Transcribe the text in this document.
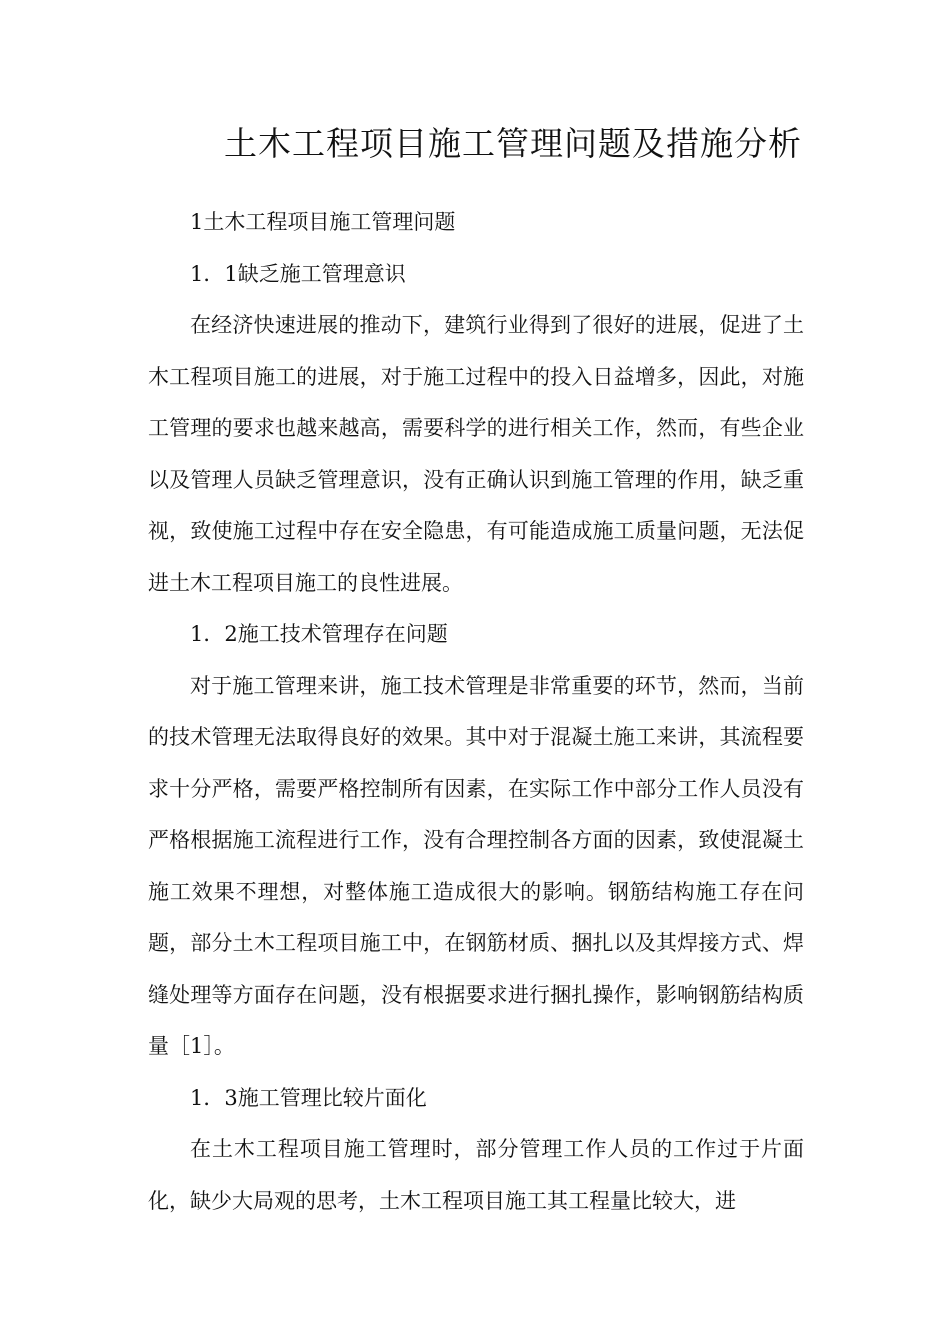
土木工程项目施工管理问题及措施分析
1土木工程项目施工管理问题
1．1缺乏施工管理意识

在经济快速进展的推动下，建筑行业得到了很好的进展，促进了土木工程项目施工的进展，对于施工过程中的投入日益增多，因此，对施工管理的要求也越来越高，需要科学的进行相关工作，然而，有些企业以及管理人员缺乏管理意识，没有正确认识到施工管理的作用，缺乏重视，致使施工过程中存在安全隐患，有可能造成施工质量问题，无法促进土木工程项目施工的良性进展。

1．2施工技术管理存在问题

对于施工管理来讲，施工技术管理是非常重要的环节，然而，当前的技术管理无法取得良好的效果。其中对于混凝土施工来讲，其流程要求十分严格，需要严格控制所有因素，在实际工作中部分工作人员没有严格根据施工流程进行工作，没有合理控制各方面的因素，致使混凝土施工效果不理想，对整体施工造成很大的影响。钢筋结构施工存在问题，部分土木工程项目施工中，在钢筋材质、捆扎以及其焊接方式、焊缝处理等方面存在问题，没有根据要求进行捆扎操作，影响钢筋结构质量［1］。

1．3施工管理比较片面化

在土木工程项目施工管理时，部分管理工作人员的工作过于片面化，缺少大局观的思考，土木工程项目施工其工程量比较大，进
